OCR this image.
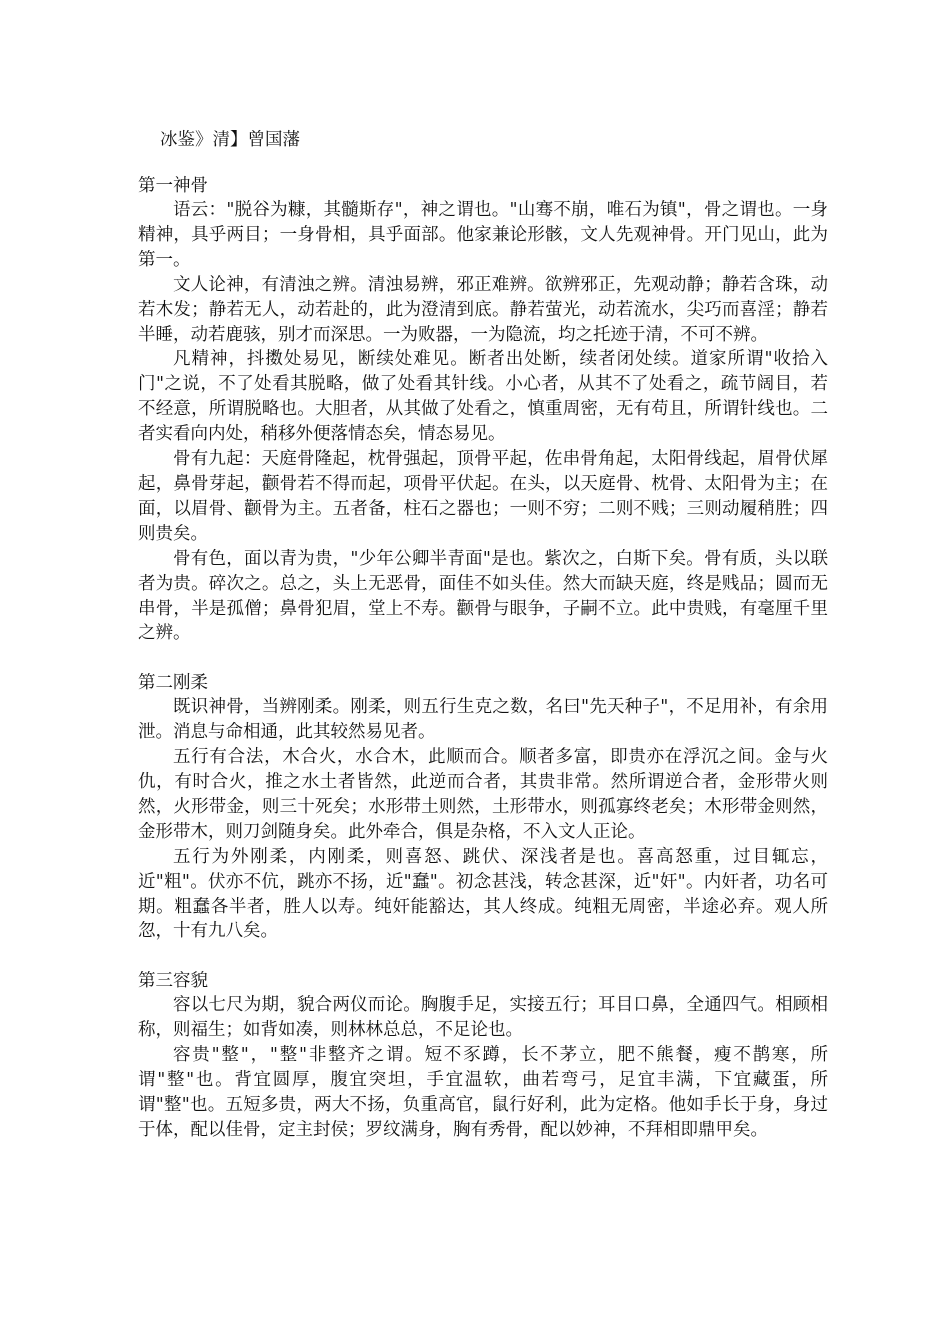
冰鉴》清】曾国藩

第一神骨

语云："脱谷为糠，其髓斯存"，神之谓也。"山骞不崩，唯石为镇"，骨之谓也。一身精神，具乎两目；一身骨相，具乎面部。他家兼论形骸，文人先观神骨。开门见山，此为第一。

文人论神，有清浊之辨。清浊易辨，邪正难辨。欲辨邪正，先观动静；静若含珠，动若木发；静若无人，动若赴的，此为澄清到底。静若萤光，动若流水，尖巧而喜淫；静若半睡，动若鹿骇，别才而深思。一为败器，一为隐流，均之托迹于清，不可不辨。

凡精神，抖擞处易见，断续处难见。断者出处断，续者闭处续。道家所谓"收拾入门"之说，不了处看其脱略，做了处看其针线。小心者，从其不了处看之，疏节阔目，若不经意，所谓脱略也。大胆者，从其做了处看之，慎重周密，无有苟且，所谓针线也。二者实看向内处，稍移外便落情态矣，情态易见。

骨有九起：天庭骨隆起，枕骨强起，顶骨平起，佐串骨角起，太阳骨线起，眉骨伏犀起，鼻骨芽起，颧骨若不得而起，项骨平伏起。在头，以天庭骨、枕骨、太阳骨为主；在面，以眉骨、颧骨为主。五者备，柱石之器也；一则不穷；二则不贱；三则动履稍胜；四则贵矣。

骨有色，面以青为贵，"少年公卿半青面"是也。紫次之，白斯下矣。骨有质，头以联者为贵。碎次之。总之，头上无恶骨，面佳不如头佳。然大而缺天庭，终是贱品；圆而无串骨，半是孤僧；鼻骨犯眉，堂上不寿。颧骨与眼争，子嗣不立。此中贵贱，有毫厘千里之辨。

第二刚柔

既识神骨，当辨刚柔。刚柔，则五行生克之数，名曰"先天种子"，不足用补，有余用泄。消息与命相通，此其较然易见者。

五行有合法，木合火，水合木，此顺而合。顺者多富，即贵亦在浮沉之间。金与火仇，有时合火，推之水土者皆然，此逆而合者，其贵非常。然所谓逆合者，金形带火则然，火形带金，则三十死矣；水形带土则然，土形带水，则孤寡终老矣；木形带金则然，金形带木，则刀剑随身矣。此外牵合，俱是杂格，不入文人正论。

五行为外刚柔，内刚柔，则喜怒、跳伏、深浅者是也。喜高怒重，过目辄忘，近"粗"。伏亦不伉，跳亦不扬，近"蠢"。初念甚浅，转念甚深，近"奸"。内奸者，功名可期。粗蠢各半者，胜人以寿。纯奸能豁达，其人终成。纯粗无周密，半途必弃。观人所忽，十有九八矣。

第三容貌

容以七尺为期，貌合两仪而论。胸腹手足，实接五行；耳目口鼻，全通四气。相顾相称，则福生；如背如凑，则林林总总，不足论也。

容贵"整"，"整"非整齐之谓。短不豕蹲，长不茅立，肥不熊餐，瘦不鹊寒，所谓"整"也。背宜圆厚，腹宜突坦，手宜温软，曲若弯弓，足宜丰满，下宜藏蛋，所谓"整"也。五短多贵，两大不扬，负重高官，鼠行好利，此为定格。他如手长于身，身过于体，配以佳骨，定主封侯；罗纹满身，胸有秀骨，配以妙神，不拜相即鼎甲矣。
